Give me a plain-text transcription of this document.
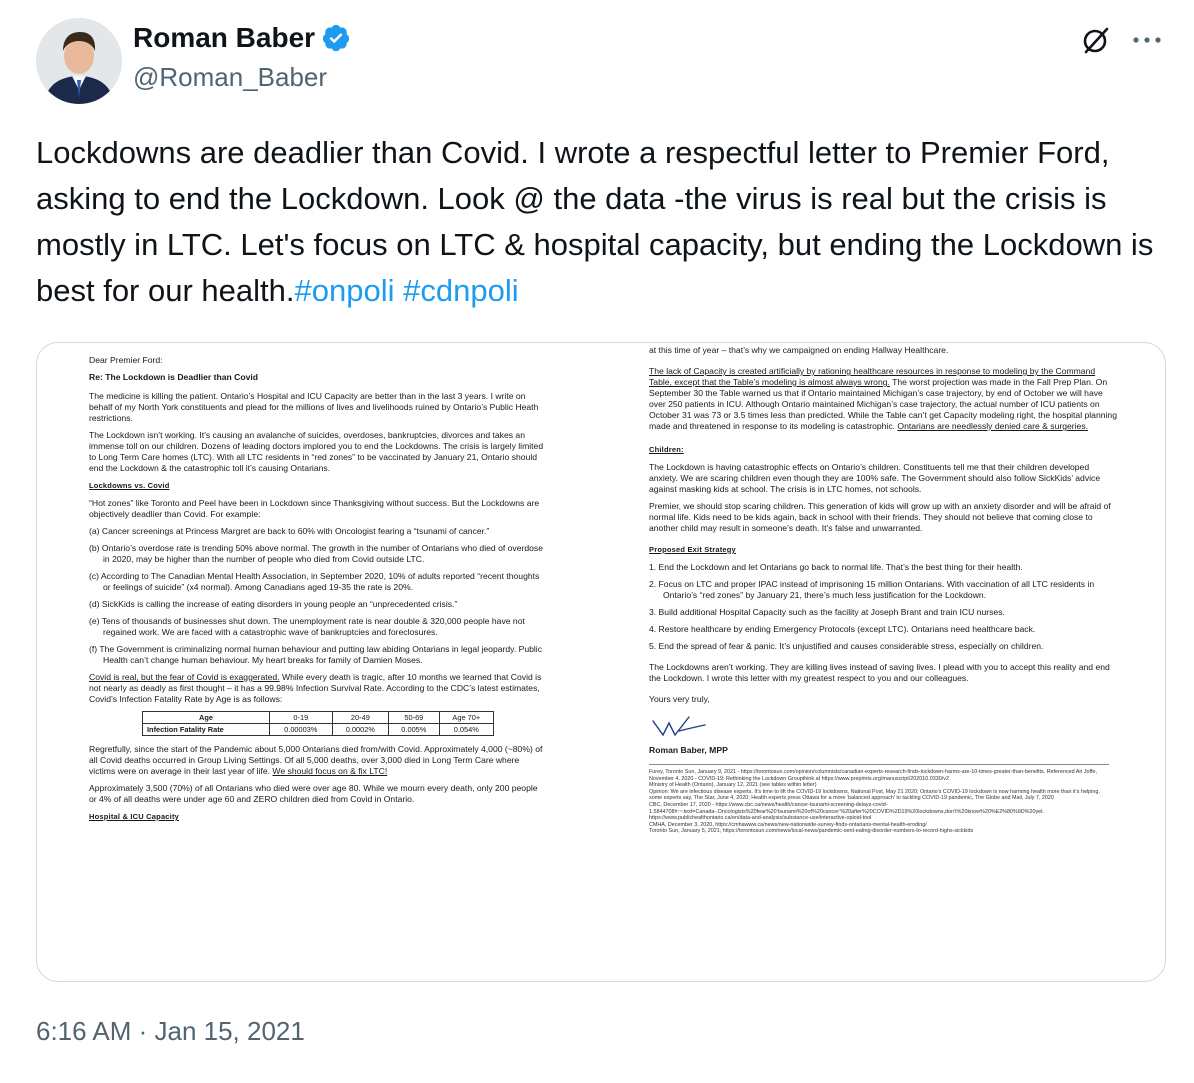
Roman Baber
@Roman_Baber
Lockdowns are deadlier than Covid. I wrote a respectful letter to Premier Ford, asking to end the Lockdown. Look @ the data -the virus is real but the crisis is mostly in LTC. Let's focus on LTC & hospital capacity, but ending the Lockdown is best for our health.#onpoli #cdnpoli

Dear Premier Ford:

Re: The Lockdown is Deadlier than Covid

The medicine is killing the patient. Ontario’s Hospital and ICU Capacity are better than in the last 3 years. I write on behalf of my North York constituents and plead for the millions of lives and livelihoods ruined by Ontario’s Public Heath restrictions.

The Lockdown isn’t working. It’s causing an avalanche of suicides, overdoses, bankruptcies, divorces and takes an immense toll on our children. Dozens of leading doctors implored you to end the Lockdowns. The crisis is largely limited to Long Term Care homes (LTC). With all LTC residents in “red zones” to be vaccinated by January 21, Ontario should end the Lockdown & the catastrophic toll it’s causing Ontarians.

Lockdowns vs. Covid

“Hot zones” like Toronto and Peel have been in Lockdown since Thanksgiving without success. But the Lockdowns are objectively deadlier than Covid. For example:

(a) Cancer screenings at Princess Margret are back to 60% with Oncologist fearing a “tsunami of cancer.”

(b) Ontario’s overdose rate is trending 50% above normal. The growth in the number of Ontarians who died of overdose in 2020, may be higher than the number of people who died from Covid outside LTC.

(c) According to The Canadian Mental Health Association, in September 2020, 10% of adults reported “recent thoughts or feelings of suicide” (x4 normal). Among Canadians aged 19-35 the rate is 20%.

(d) SickKids is calling the increase of eating disorders in young people an “unprecedented crisis.”

(e) Tens of thousands of businesses shut down. The unemployment rate is near double & 320,000 people have not regained work. We are faced with a catastrophic wave of bankruptcies and foreclosures.

(f) The Government is criminalizing normal human behaviour and putting law abiding Ontarians in legal jeopardy. Public Health can’t change human behaviour. My heart breaks for family of Damien Moses.

Covid is real, but the fear of Covid is exaggerated. While every death is tragic, after 10 months we learned that Covid is not nearly as deadly as first thought – it has a 99.98% Infection Survival Rate. According to the CDC’s latest estimates, Covid’s Infection Fatality Rate by Age is as follows:

Age	0-19	20-49	50-69	Age 70+
Infection Fatality Rate	0.00003%	0.0002%	0.005%	0.054%

Regretfully, since the start of the Pandemic about 5,000 Ontarians died from/with Covid. Approximately 4,000 (~80%) of all Covid deaths occurred in Group Living Settings. Of all 5,000 deaths, over 3,000 died in Long Term Care where victims were on average in their last year of life. We should focus on & fix LTC!

Approximately 3,500 (70%) of all Ontarians who died were over age 80. While we mourn every death, only 200 people or 4% of all deaths were under age 60 and ZERO children died from Covid in Ontario.

Hospital & ICU Capacity

at this time of year – that’s why we campaigned on ending Hallway Healthcare.

The lack of Capacity is created artificially by rationing healthcare resources in response to modeling by the Command Table, except that the Table’s modeling is almost always wrong. The worst projection was made in the Fall Prep Plan. On September 30 the Table warned us that if Ontario maintained Michigan’s case trajectory, by end of October we will have over 250 patients in ICU. Although Ontario maintained Michigan’s case trajectory, the actual number of ICU patients on October 31 was 73 or 3.5 times less than predicted. While the Table can’t get Capacity modeling right, the hospital planning made and threatened in response to its modeling is catastrophic. Ontarians are needlessly denied care & surgeries.

Children:

The Lockdown is having catastrophic effects on Ontario’s children. Constituents tell me that their children developed anxiety. We are scaring children even though they are 100% safe. The Government should also follow SickKids’ advice against masking kids at school. The crisis is in LTC homes, not schools.

Premier, we should stop scaring children. This generation of kids will grow up with an anxiety disorder and will be afraid of normal life. Kids need to be kids again, back in school with their friends. They should not believe that coming close to another child may result in someone’s death. It’s false and unwarranted.

Proposed Exit Strategy

1. End the Lockdown and let Ontarians go back to normal life. That’s the best thing for their health.

2. Focus on LTC and proper IPAC instead of imprisoning 15 million Ontarians. With vaccination of all LTC residents in Ontario’s “red zones” by January 21, there’s much less justification for the Lockdown.

3. Build additional Hospital Capacity such as the facility at Joseph Brant and train ICU nurses.

4. Restore healthcare by ending Emergency Protocols (except LTC). Ontarians need healthcare back.

5. End the spread of fear & panic. It’s unjustified and causes considerable stress, especially on children.

The Lockdowns aren’t working. They are killing lives instead of saving lives. I plead with you to accept this reality and end the Lockdown. I wrote this letter with my greatest respect to you and our colleagues.

Yours very truly,

Roman Baber, MPP

Furey, Toronto Sun, January 9, 2021 - https://torontosun.com/opinion/columnists/canadian-experts-research-finds-lockdown-harms-are-10-times-greater-than-benefits. Referenced Ari Joffe, November 4, 2020 - COVID-19: Rethinking the Lockdown Groupthink at https://www.preprints.org/manuscript/202010.0330/v2
Ministry of Health (Ontario), January 12, 2021 (see tables within letter)
Opinion: We are infectious disease experts. It’s time to lift the COVID-19 lockdowns, National Post, May 21 2020; Ontario’s COVID-19 lockdown is now harming health more than it’s helping, some experts say, The Star, June 4, 2020; Health experts press Ottawa for a more ‘balanced approach’ to tackling COVID-19 pandemic, The Globe and Mail, July 7, 2020
CBC, December 17, 2020 - https://www.cbc.ca/news/health/cancer-tsunami-screening-delays-covid-1.5844708#:~:text=Canada-,Oncologists%20fear%20’tsunami%20of%20cancer’%20after%20COVID%2D19%20lockdowns,don’t%20know%20%E2%80%9D%20yet.
https://www.publichealthontario.ca/en/data-and-analysis/substance-use/interactive-opioid-tool
CMHA, December 3, 2020, https://cmhawww.ca/news/new-nationwide-survey-finds-ontarians-mental-health-eroding/
Toronto Sun, January 5, 2021, https://torontosun.com/news/local-news/pandemic-sent-eating-disorder-numbers-to-record-highs-sickkids
6:16 AM · Jan 15, 2021
